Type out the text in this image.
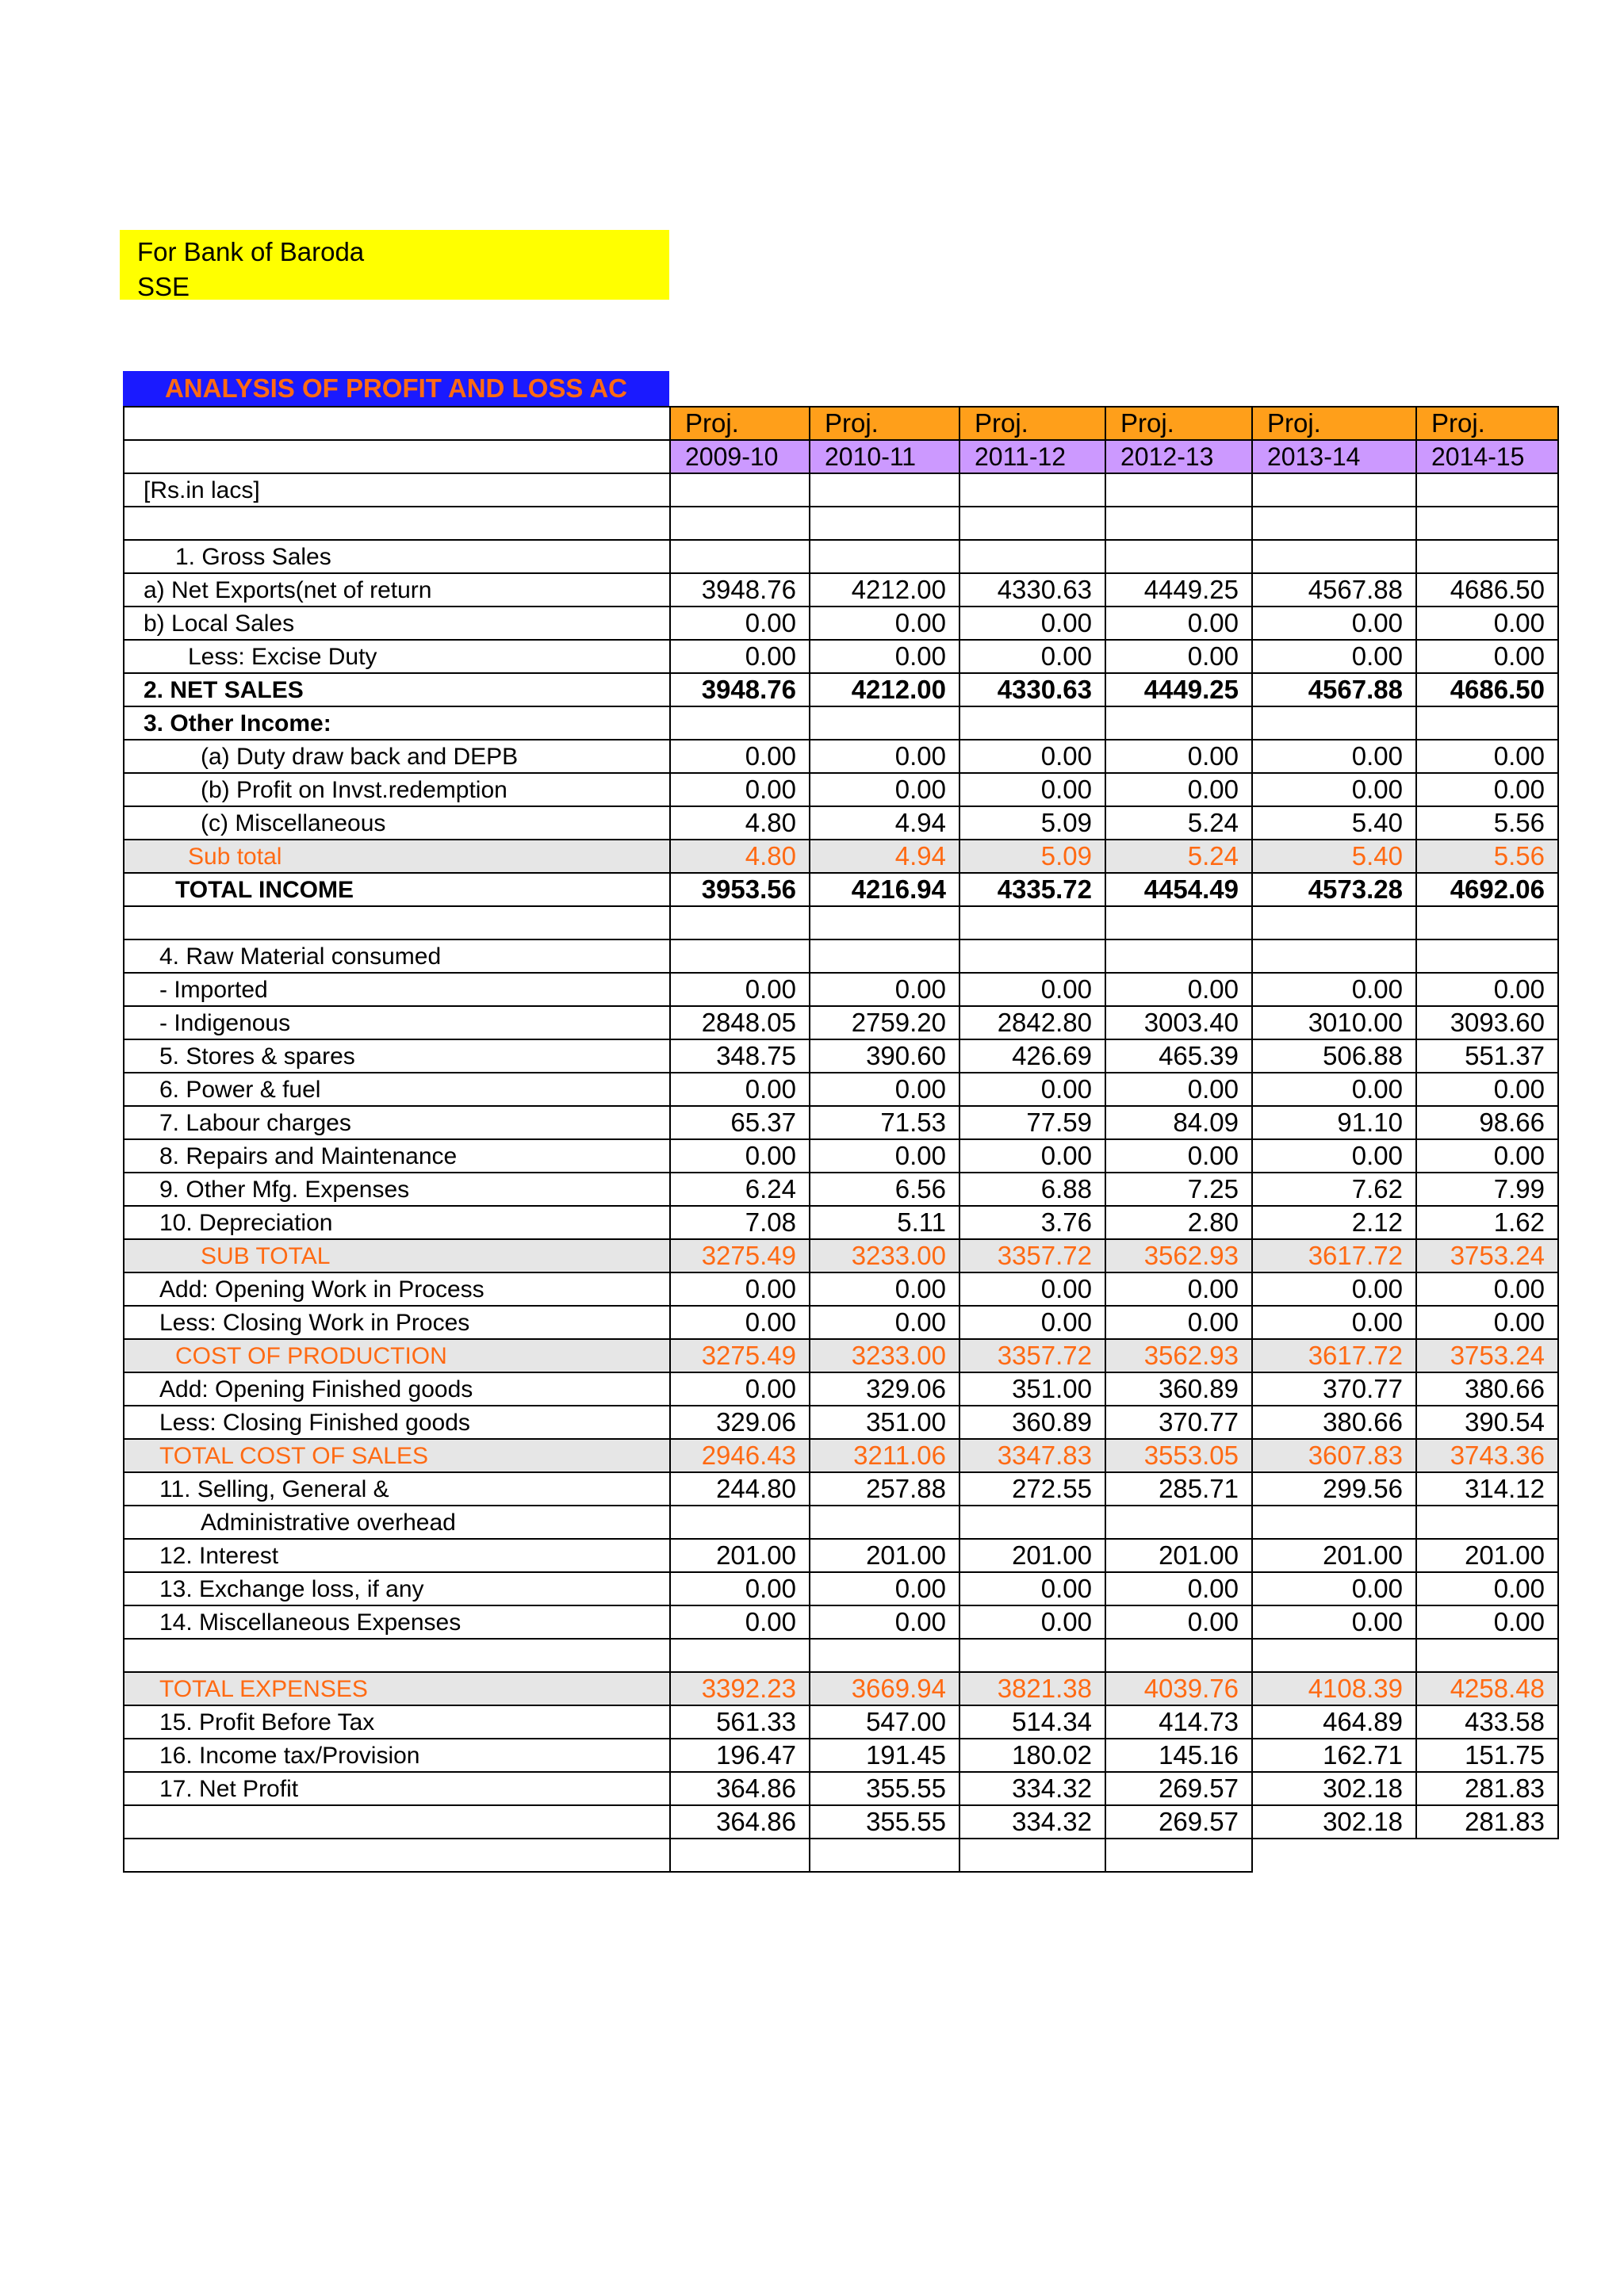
For Bank of Baroda
SSE
ANALYSIS OF PROFIT AND LOSS AC
	Proj.	Proj.	Proj.	Proj.	Proj.	Proj.
	2009-10	2010-11	2011-12	2012-13	2013-14	2014-15
[Rs.in lacs]						

1. Gross Sales						
a) Net Exports(net of return	3948.76	4212.00	4330.63	4449.25	4567.88	4686.50
b) Local Sales	0.00	0.00	0.00	0.00	0.00	0.00
Less: Excise Duty	0.00	0.00	0.00	0.00	0.00	0.00
2. NET SALES	3948.76	4212.00	4330.63	4449.25	4567.88	4686.50
3. Other Income:						
(a) Duty draw back and DEPB	0.00	0.00	0.00	0.00	0.00	0.00
(b) Profit on Invst.redemption	0.00	0.00	0.00	0.00	0.00	0.00
(c) Miscellaneous	4.80	4.94	5.09	5.24	5.40	5.56
Sub total	4.80	4.94	5.09	5.24	5.40	5.56
TOTAL INCOME	3953.56	4216.94	4335.72	4454.49	4573.28	4692.06

4. Raw Material consumed						
- Imported	0.00	0.00	0.00	0.00	0.00	0.00
- Indigenous	2848.05	2759.20	2842.80	3003.40	3010.00	3093.60
5. Stores & spares	348.75	390.60	426.69	465.39	506.88	551.37
6. Power & fuel	0.00	0.00	0.00	0.00	0.00	0.00
7. Labour charges	65.37	71.53	77.59	84.09	91.10	98.66
8. Repairs and Maintenance	0.00	0.00	0.00	0.00	0.00	0.00
9. Other Mfg. Expenses	6.24	6.56	6.88	7.25	7.62	7.99
10. Depreciation	7.08	5.11	3.76	2.80	2.12	1.62
SUB TOTAL	3275.49	3233.00	3357.72	3562.93	3617.72	3753.24
Add: Opening Work in Process	0.00	0.00	0.00	0.00	0.00	0.00
Less: Closing Work in Proces	0.00	0.00	0.00	0.00	0.00	0.00
COST OF PRODUCTION	3275.49	3233.00	3357.72	3562.93	3617.72	3753.24
Add: Opening Finished goods	0.00	329.06	351.00	360.89	370.77	380.66
Less: Closing Finished goods	329.06	351.00	360.89	370.77	380.66	390.54
TOTAL COST OF SALES	2946.43	3211.06	3347.83	3553.05	3607.83	3743.36
11. Selling, General &	244.80	257.88	272.55	285.71	299.56	314.12
Administrative overhead						
12. Interest	201.00	201.00	201.00	201.00	201.00	201.00
13. Exchange loss, if any	0.00	0.00	0.00	0.00	0.00	0.00
14. Miscellaneous Expenses	0.00	0.00	0.00	0.00	0.00	0.00

TOTAL EXPENSES	3392.23	3669.94	3821.38	4039.76	4108.39	4258.48
15. Profit Before Tax	561.33	547.00	514.34	414.73	464.89	433.58
16. Income tax/Provision	196.47	191.45	180.02	145.16	162.71	151.75
17. Net Profit	364.86	355.55	334.32	269.57	302.18	281.83
	364.86	355.55	334.32	269.57	302.18	281.83
